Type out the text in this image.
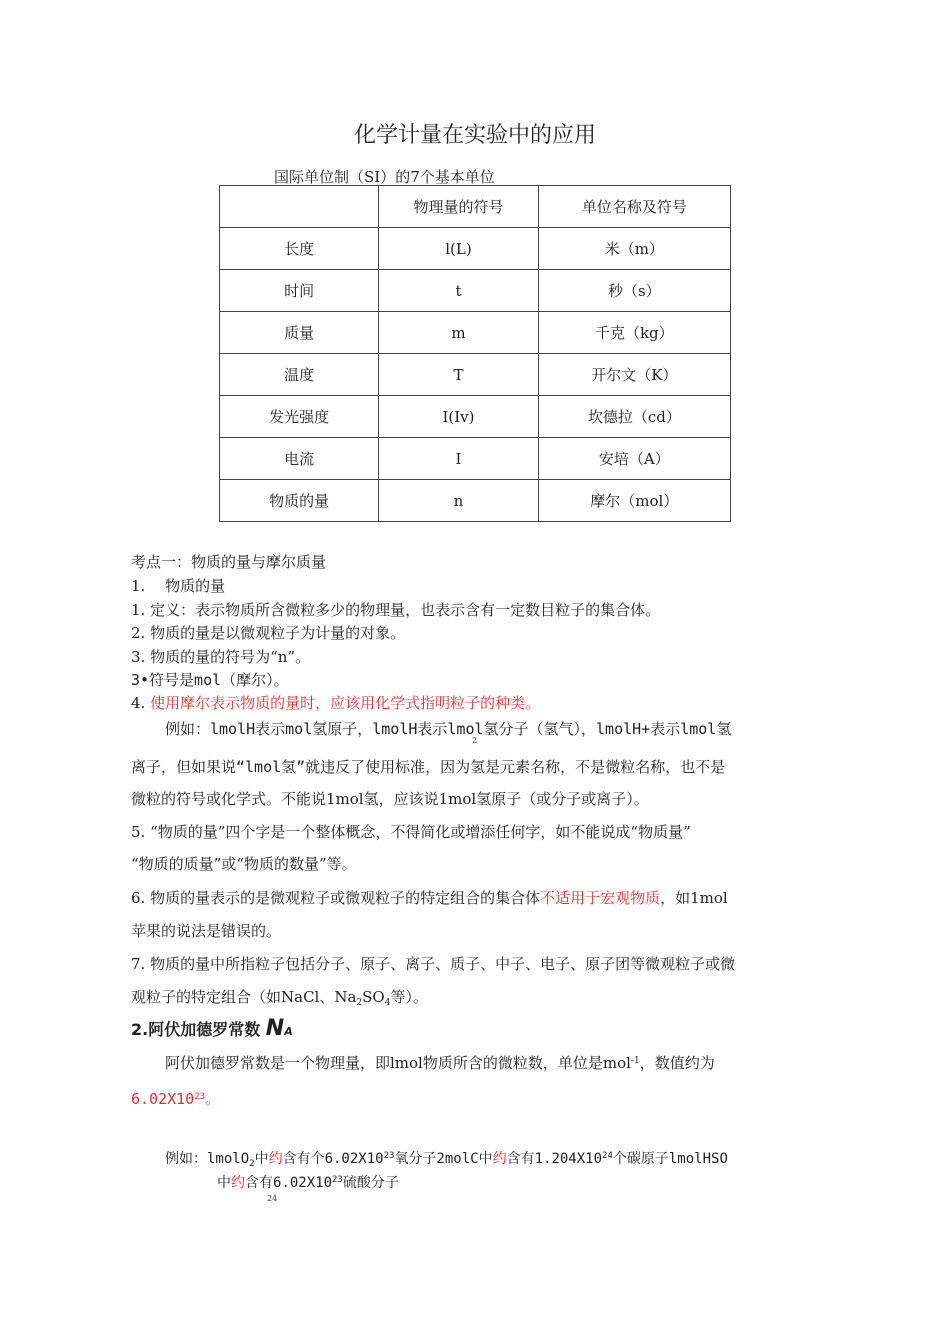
化学计量在实验中的应用
国际单位制（SI）的7个基本单位
	物理量的符号	单位名称及符号
长度	l(L)	米（m）
时间	t	秒（s）
质量	m	千克（kg）
温度	T	开尔文（K）
发光强度	I(Iv)	坎德拉（cd）
电流	I	安培（A）
物质的量	n	摩尔（mol）
考点一：物质的量与摩尔质量
1.　 物质的量
1. 定义：表示物质所含微粒多少的物理量，也表示含有一定数目粒子的集合体。
2. 物质的量是以微观粒子为计量的对象。
3. 物质的量的符号为“n”。
3•符号是mol（摩尔）。
4. 使用摩尔表示物质的量时，应该用化学式指明粒子的种类。
例如：lmolH表示mol氢原子，lmolH表示lmol氢分子（氢气），lmolH+表示lmol氢
2
离子，但如果说“lmol氢”就违反了使用标准，因为氢是元素名称，不是微粒名称，也不是
微粒的符号或化学式。不能说1mol氢，应该说1mol氢原子（或分子或离子）。
5. “物质的量”四个字是一个整体概念，不得简化或增添任何字，如不能说成“物质量”
“物质的质量”或“物质的数量”等。
6. 物质的量表示的是微观粒子或微观粒子的特定组合的集合体不适用于宏观物质，如1mol
苹果的说法是错误的。
7. 物质的量中所指粒子包括分子、原子、离子、质子、中子、电子、原子团等微观粒子或微
观粒子的特定组合（如NaCl、$Na_2SO_4$等）。
2.阿伏加德罗常数 NA
阿伏加德罗常数是一个物理量，即lmol物质所含的微粒数，单位是mol$^{-1}$，数值约为
$6.02X10^{23}$。
例如：lmolO$_2$中约含有个$6.02X10^{23}$氧分子2molC中约含有$1.204X10^{24}$个碳原子lmolHSO
中约含有$6.02X10^{23}$硫酸分子
24
